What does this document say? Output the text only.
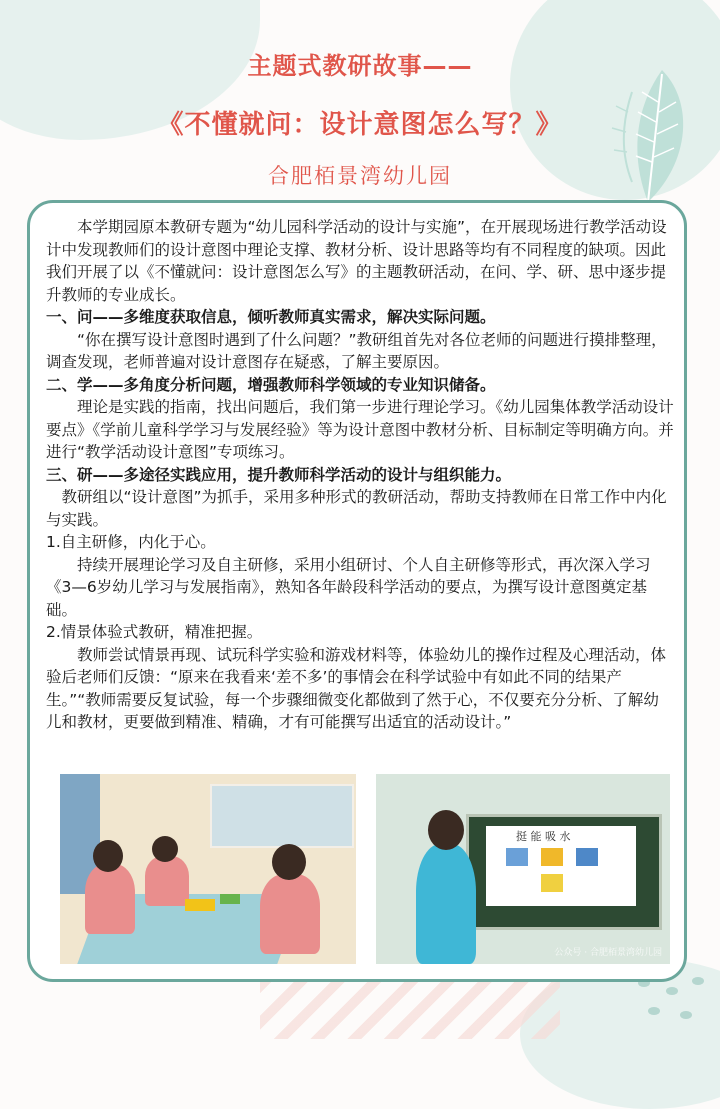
主题式教研故事——
《不懂就问：设计意图怎么写？》
合肥栢景湾幼儿园

本学期园原本教研专题为“幼儿园科学活动的设计与实施”，在开展现场进行教学活动设计中发现教师们的设计意图中理论支撑、教材分析、设计思路等均有不同程度的缺项。因此我们开展了以《不懂就问：设计意图怎么写》的主题教研活动，在问、学、研、思中逐步提升教师的专业成长。

一、问——多维度获取信息，倾听教师真实需求，解决实际问题。

“你在撰写设计意图时遇到了什么问题？”教研组首先对各位老师的问题进行摸排整理，调查发现，老师普遍对设计意图存在疑惑，了解主要原因。

二、学——多角度分析问题，增强教师科学领域的专业知识储备。

理论是实践的指南，找出问题后，我们第一步进行理论学习。《幼儿园集体教学活动设计要点》《学前儿童科学学习与发展经验》等为设计意图中教材分析、目标制定等明确方向。并进行“教学活动设计意图”专项练习。

三、研——多途径实践应用，提升教师科学活动的设计与组织能力。

教研组以“设计意图”为抓手，采用多种形式的教研活动，帮助支持教师在日常工作中内化与实践。

1.自主研修，内化于心。

持续开展理论学习及自主研修，采用小组研讨、个人自主研修等形式，再次深入学习《3—6岁幼儿学习与发展指南》，熟知各年龄段科学活动的要点，为撰写设计意图奠定基础。

2.情景体验式教研，精准把握。

教师尝试情景再现、试玩科学实验和游戏材料等，体验幼儿的操作过程及心理活动，体验后老师们反馈：“原来在我看来‘差不多’的事情会在科学试验中有如此不同的结果产生。”“教师需要反复试验，每一个步骤细微变化都做到了然于心，不仅要充分分析、了解幼儿和教材，更要做到精准、精确，才有可能撰写出适宜的活动设计。”

挺 能 吸 水
公众号 · 合肥栢景湾幼儿园
